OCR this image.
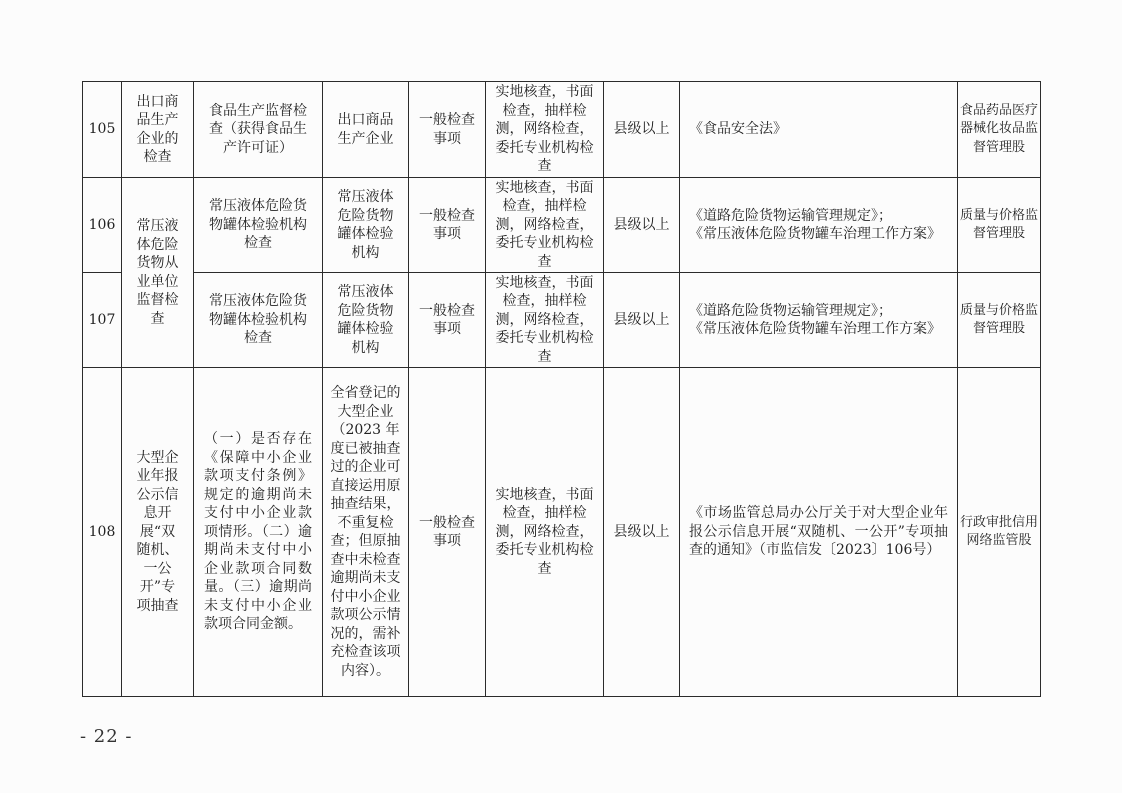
105
出口商品生产企业的检查
食品生产监督检查（获得食品生产许可证）
出口商品生产企业
一般检查事项
实地核查，书面检查，抽样检测，网络检查，委托专业机构检查
县级以上 《食品安全法》
食品药品医疗器械化妆品监督管理股
106 常压液体危险货物从业单位监督检查
常压液体危险货物罐体检验机构检查
常压液体危险货物罐体检验机构
一般检查事项
实地核查，书面检查，抽样检测，网络检查，委托专业机构检查
县级以上
《道路危险货物运输管理规定》；
《常压液体危险货物罐车治理工作方案》
质量与价格监督管理股
107
常压液体危险货物罐体检验机构检查
常压液体危险货物罐体检验机构
一般检查事项
实地核查，书面检查，抽样检测，网络检查，委托专业机构检查
县级以上
《道路危险货物运输管理规定》；
《常压液体危险货物罐车治理工作方案》
质量与价格监督管理股
108
大型企业年报公示信息开展“双随机、一公开”专项抽查
（一）是否存在《保障中小企业款项支付条例》规定的逾期尚未支付中小企业款项情形。（二）逾期尚未支付中小企业款项合同数量。（三）逾期尚未支付中小企业款项合同金额。
全省登记的大型企业（2023 年度已被抽查过的企业可直接运用原抽查结果，不重复检查；但原抽查中未检查逾期尚未支付中小企业款项公示情况的，需补充检查该项内容）。
一般检查事项
实地核查，书面检查，抽样检测，网络检查，委托专业机构检查
县级以上
《市场监管总局办公厅关于对大型企业年报公示信息开展“双随机、一公开”专项抽查的通知》（市监信发〔2023〕106号）
行政审批信用网络监管股
- 22 -
